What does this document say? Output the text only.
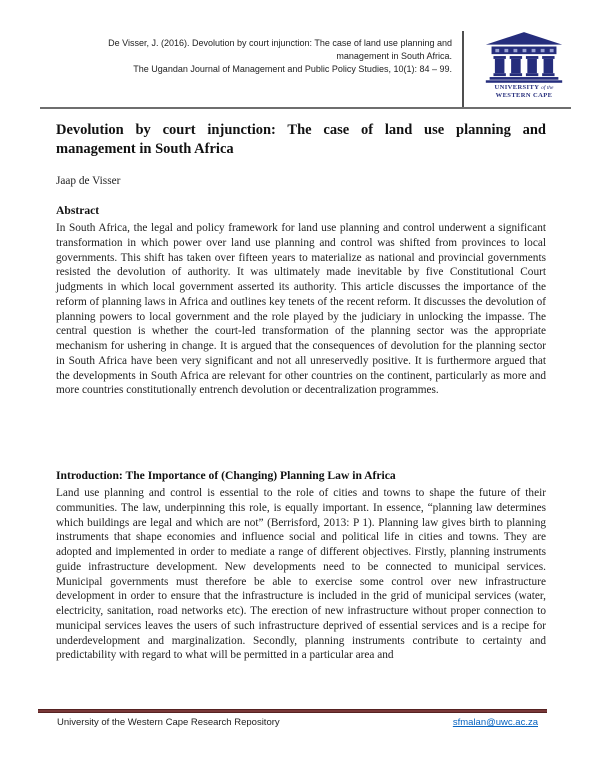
De Visser, J. (2016). Devolution by court injunction: The case of land use planning and
management in South Africa.
The Ugandan Journal of Management and Public Policy Studies, 10(1): 84 – 99.
UNIVERSITY of the
WESTERN CAPE
Devolution by court injunction: The case of land use planning and management in South Africa
Jaap de Visser
Abstract
In South Africa, the legal and policy framework for land use planning and control underwent a significant transformation in which power over land use planning and control was shifted from provinces to local governments. This shift has taken over fifteen years to materialize as national and provincial governments resisted the devolution of authority. It was ultimately made inevitable by five Constitutional Court judgments in which local government asserted its authority. This article discusses the importance of the reform of planning laws in Africa and outlines key tenets of the recent reform. It discusses the devolution of planning powers to local government and the role played by the judiciary in unlocking the impasse. The central question is whether the court-led transformation of the planning sector was the appropriate mechanism for ushering in change. It is argued that the consequences of devolution for the planning sector in South Africa have been very significant and not all unreservedly positive. It is furthermore argued that the developments in South Africa are relevant for other countries on the continent, particularly as more and more countries constitutionally entrench devolution or decentralization programmes.
Introduction: The Importance of (Changing) Planning Law in Africa
Land use planning and control is essential to the role of cities and towns to shape the future of their communities. The law, underpinning this role, is equally important. In essence, “planning law determines which buildings are legal and which are not” (Berrisford, 2013: P 1). Planning law gives birth to planning instruments that shape economies and influence social and political life in cities and towns. They are adopted and implemented in order to mediate a range of different objectives. Firstly, planning instruments guide infrastructure development. New developments need to be connected to municipal services. Municipal governments must therefore be able to exercise some control over new infrastructure development in order to ensure that the infrastructure is included in the grid of municipal services (water, electricity, sanitation, road networks etc). The erection of new infrastructure without proper connection to municipal services leaves the users of such infrastructure deprived of essential services and is a recipe for underdevelopment and marginalization. Secondly, planning instruments contribute to certainty and predictability with regard to what will be permitted in a particular area and
University of the Western Cape Research Repository	sfmalan@uwc.ac.za
